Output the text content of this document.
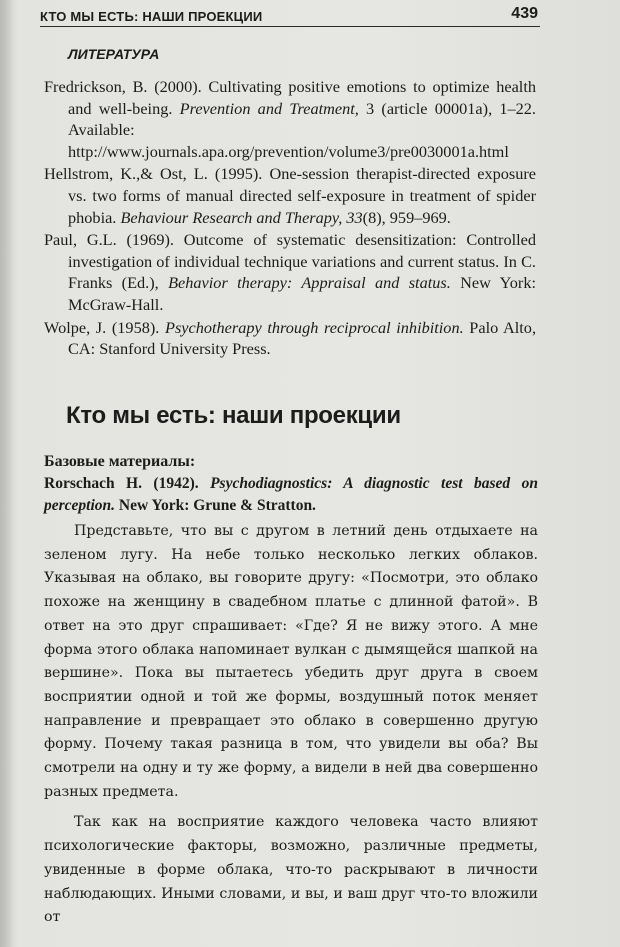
КТО МЫ ЕСТЬ: НАШИ ПРОЕКЦИИ	439
ЛИТЕРАТУРА

Fredrickson, B. (2000). Cultivating positive emotions to optimize health and well-being. Prevention and Treatment, 3 (article 00001a), 1–22. Available: http://www.journals.apa.org/prevention/volume3/pre0030001a.html

Hellstrom, K.,& Ost, L. (1995). One-session therapist-directed exposure vs. two forms of manual directed self-exposure in treatment of spider phobia. Behaviour Research and Therapy, 33(8), 959–969.

Paul, G.L. (1969). Outcome of systematic desensitization: Controlled investigation of individual technique variations and current status. In C. Franks (Ed.), Behavior therapy: Appraisal and status. New York: McGraw-Hall.

Wolpe, J. (1958). Psychotherapy through reciprocal inhibition. Palo Alto, CA: Stanford University Press.

Кто мы есть: наши проекции
Базовые материалы:
Rorschach H. (1942). Psychodiagnostics: A diagnostic test based on perception. New York: Grune & Stratton.

Представьте, что вы с другом в летний день отдыхаете на зеленом лугу. На небе только несколько легких облаков. Указывая на облако, вы говорите другу: «Посмотри, это облако похоже на женщину в свадебном платье с длинной фатой». В ответ на это друг спрашивает: «Где? Я не вижу этого. А мне форма этого облака напоминает вулкан с дымящейся шапкой на вершине». Пока вы пытаетесь убедить друг друга в своем восприятии одной и той же формы, воздушный поток меняет направление и превращает это облако в совершенно другую форму. Почему такая разница в том, что увидели вы оба? Вы смотрели на одну и ту же форму, а видели в ней два совершенно разных предмета.

Так как на восприятие каждого человека часто влияют психологические факторы, возможно, различные предметы, увиденные в форме облака, что-то раскрывают в личности наблюдающих. Иными словами, и вы, и ваш друг что-то вложили от
